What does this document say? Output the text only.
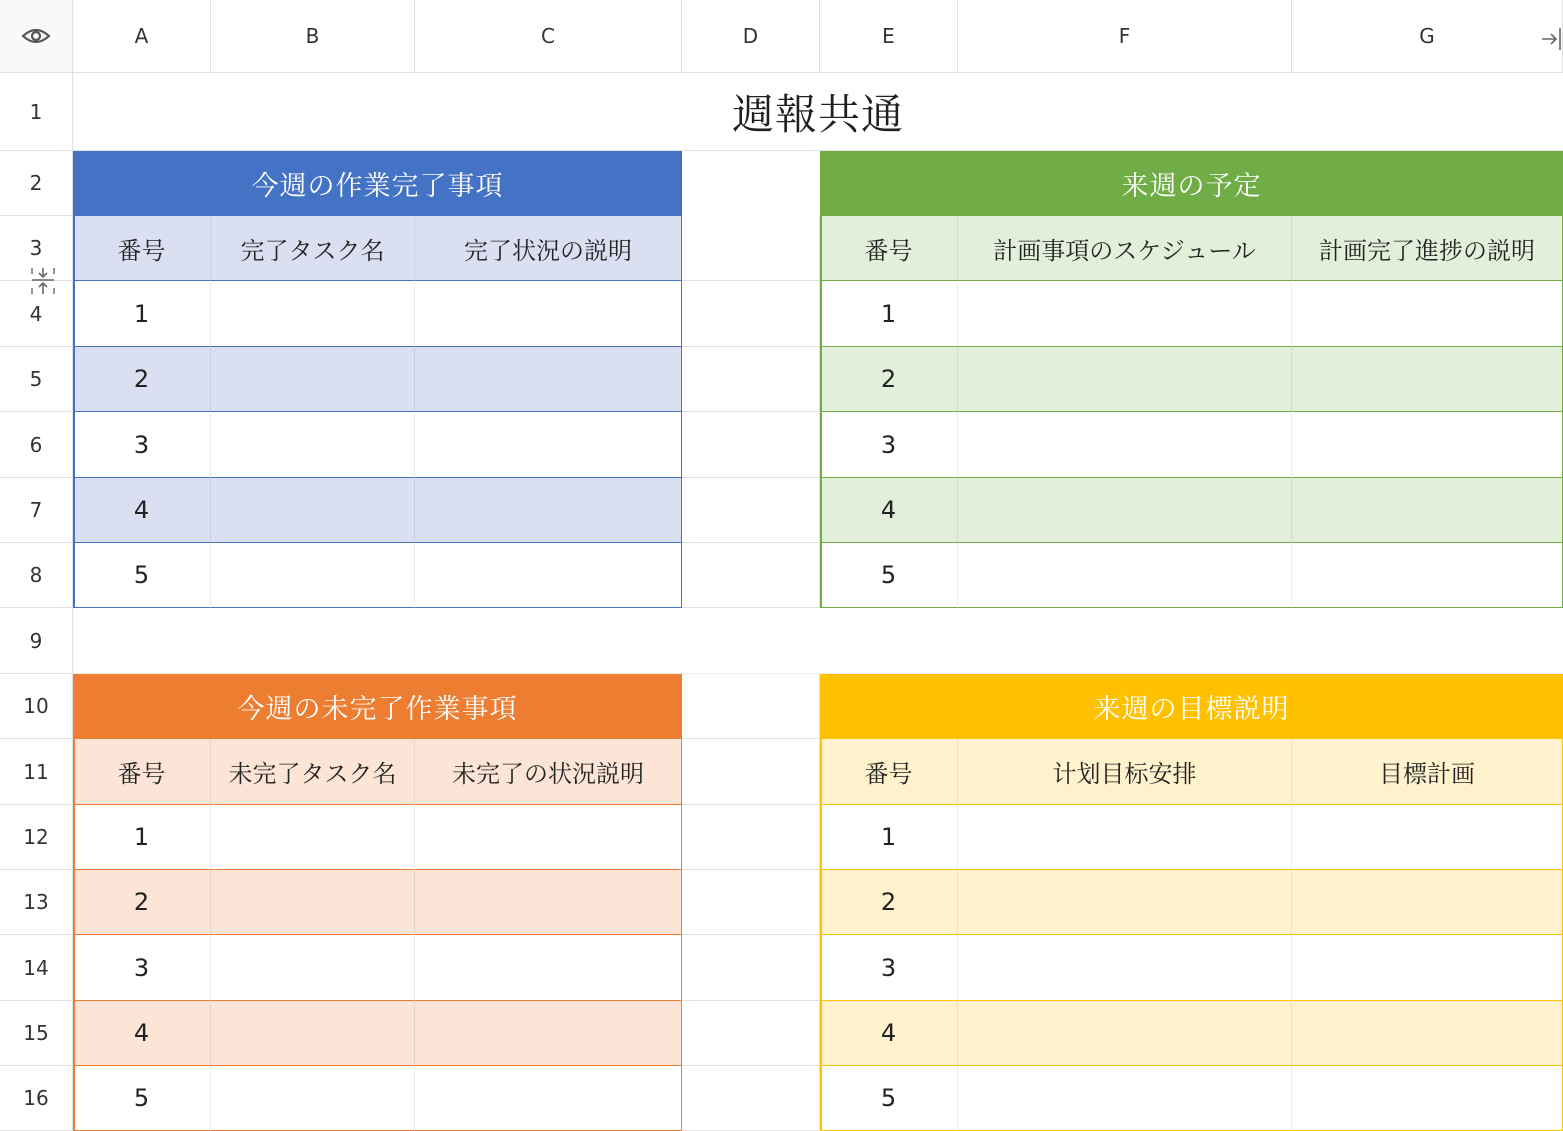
A	B	C	D	E	F	G
1
2
3
4
5
6
7
8
9
10
11
12
13
14
15
16
週報共通
今週の作業完了事項
番号	完了タスク名	完了状況の説明
1
2
3
4
5
来週の予定
番号	計画事項のスケジュール	計画完了進捗の説明
1
2
3
4
5
今週の未完了作業事項
番号	未完了タスク名	未完了の状況説明
1
2
3
4
5
来週の目標説明
番号	计划目标安排	目標計画
1
2
3
4
5
